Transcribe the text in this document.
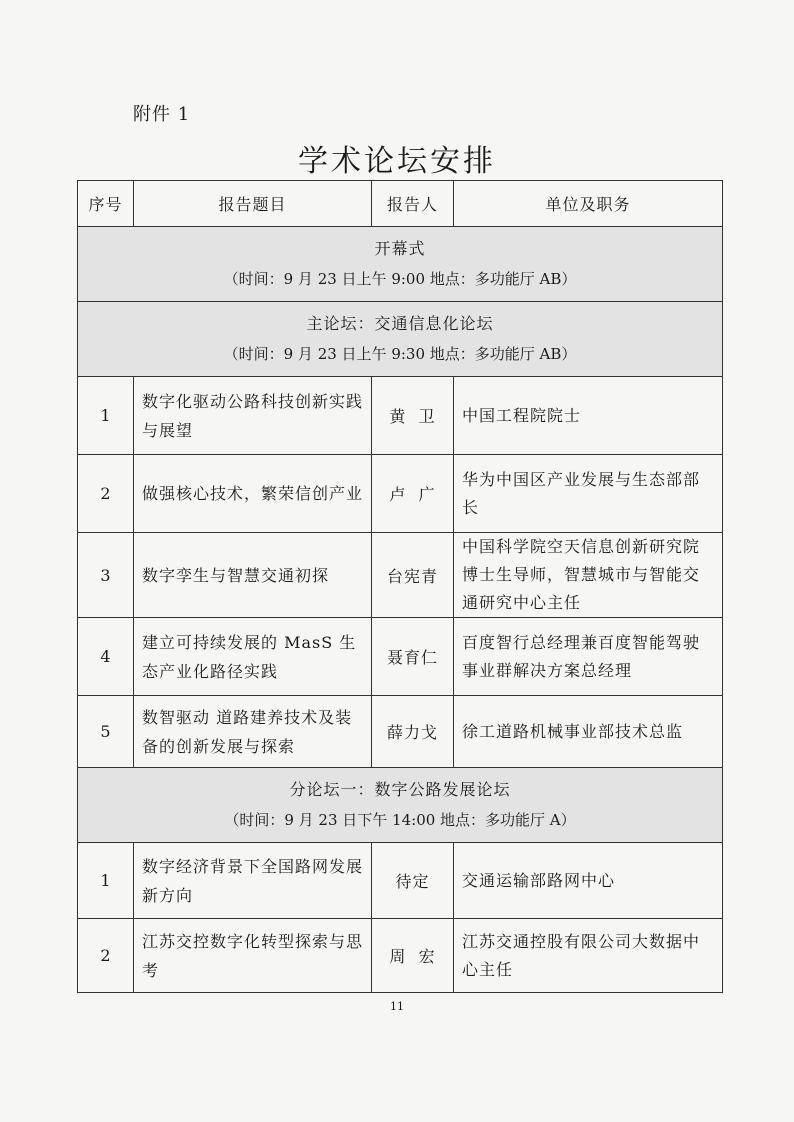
附件 1
学术论坛安排
序号	报告题目	报告人	单位及职务

开幕式
（时间：9 月 23 日上午 9:00 地点：多功能厅 AB）			

主论坛：交通信息化论坛
（时间：9 月 23 日上午 9:30 地点：多功能厅 AB）			

1	数字化驱动公路科技创新实践与展望	黄  卫	中国工程院院士
2	做强核心技术，繁荣信创产业	卢  广	华为中国区产业发展与生态部部长
3	数字孪生与智慧交通初探	台宪青	中国科学院空天信息创新研究院博士生导师，智慧城市与智能交通研究中心主任
4	建立可持续发展的 MasS 生态产业化路径实践	聂育仁	百度智行总经理兼百度智能驾驶事业群解决方案总经理
5	数智驱动 道路建养技术及装备的创新发展与探索	薛力戈	徐工道路机械事业部技术总监

分论坛一：数字公路发展论坛
（时间：9 月 23 日下午 14:00 地点：多功能厅 A）			

1	数字经济背景下全国路网发展新方向	待定	交通运输部路网中心
2	江苏交控数字化转型探索与思考	周  宏	江苏交通控股有限公司大数据中心主任
11
